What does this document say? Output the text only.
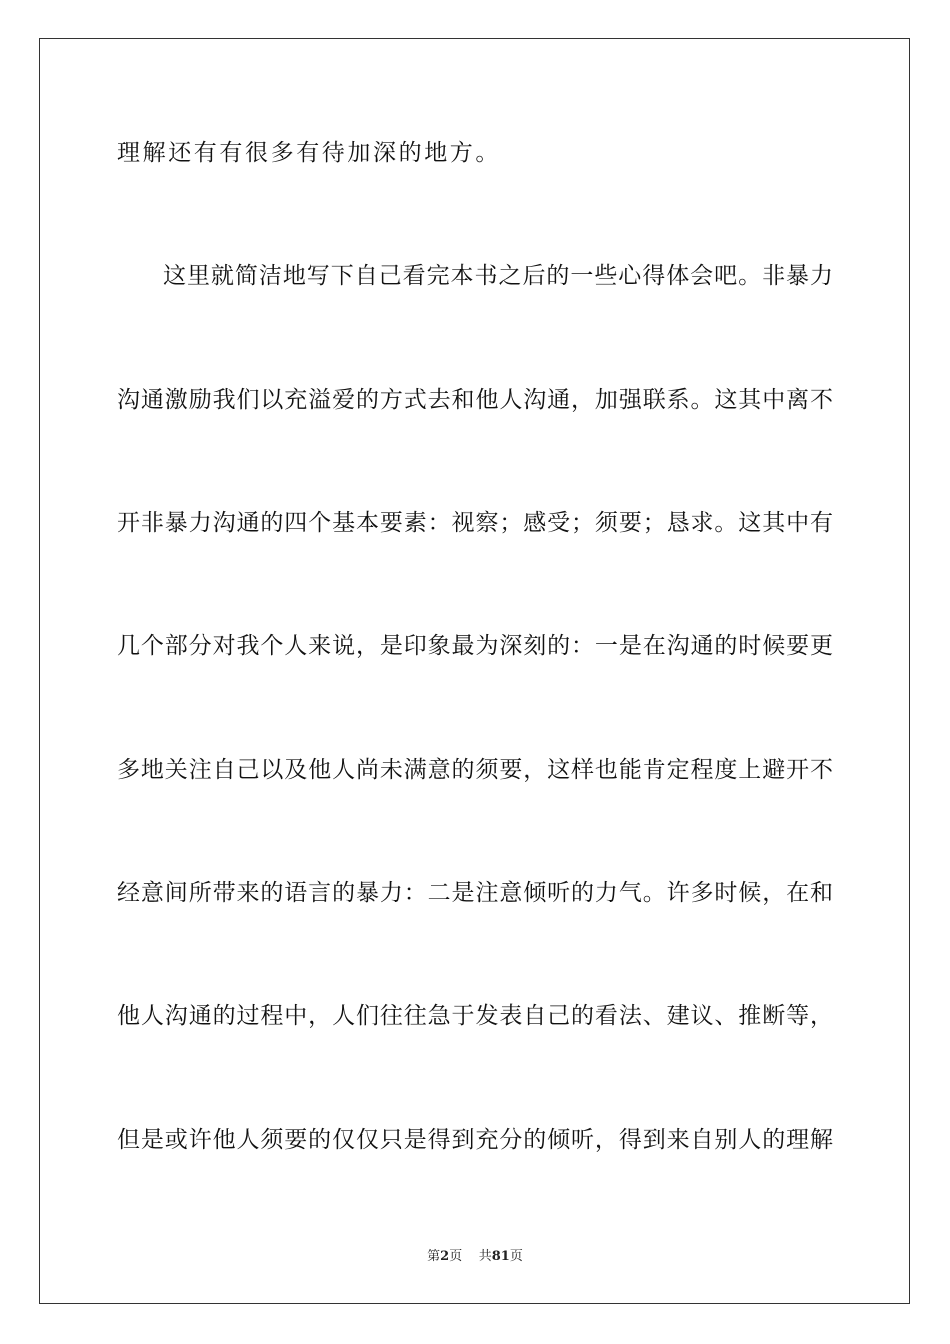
理解还有有很多有待加深的地方。
这里就简洁地写下自己看完本书之后的一些心得体会吧。非暴力
沟通激励我们以充溢爱的方式去和他人沟通，加强联系。这其中离不
开非暴力沟通的四个基本要素：视察；感受；须要；恳求。这其中有
几个部分对我个人来说，是印象最为深刻的：一是在沟通的时候要更
多地关注自己以及他人尚未满意的须要，这样也能肯定程度上避开不
经意间所带来的语言的暴力：二是注意倾听的力气。许多时候，在和
他人沟通的过程中，人们往往急于发表自己的看法、建议、推断等，
但是或许他人须要的仅仅只是得到充分的倾听，得到来自别人的理解
第2页 共81页
